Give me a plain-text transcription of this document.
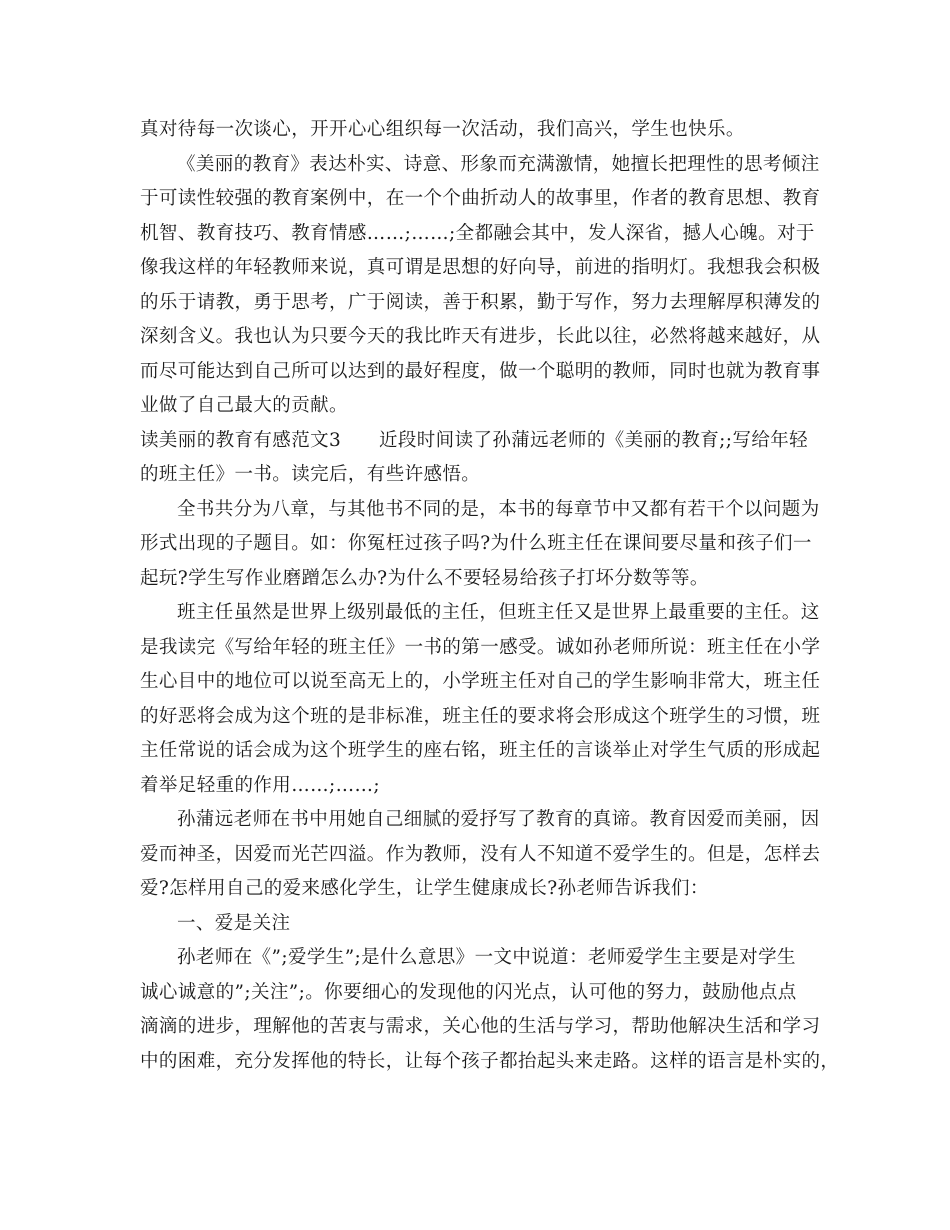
真对待每一次谈心，开开心心组织每一次活动，我们高兴，学生也快乐。
《美丽的教育》表达朴实、诗意、形象而充满激情，她擅长把理性的思考倾注
于可读性较强的教育案例中，在一个个曲折动人的故事里，作者的教育思想、教育
机智、教育技巧、教育情感……;……;全都融会其中，发人深省，撼人心魄。对于
像我这样的年轻教师来说，真可谓是思想的好向导，前进的指明灯。我想我会积极
的乐于请教，勇于思考，广于阅读，善于积累，勤于写作，努力去理解厚积薄发的
深刻含义。我也认为只要今天的我比昨天有进步，长此以往，必然将越来越好，从
而尽可能达到自己所可以达到的最好程度，做一个聪明的教师，同时也就为教育事
业做了自己最大的贡献。
读美丽的教育有感范文3　　近段时间读了孙蒲远老师的《美丽的教育;;写给年轻
的班主任》一书。读完后，有些许感悟。
全书共分为八章，与其他书不同的是，本书的每章节中又都有若干个以问题为
形式出现的子题目。如：你冤枉过孩子吗?为什么班主任在课间要尽量和孩子们一
起玩?学生写作业磨蹭怎么办?为什么不要轻易给孩子打坏分数等等。
班主任虽然是世界上级别最低的主任，但班主任又是世界上最重要的主任。这
是我读完《写给年轻的班主任》一书的第一感受。诚如孙老师所说：班主任在小学
生心目中的地位可以说至高无上的，小学班主任对自己的学生影响非常大，班主任
的好恶将会成为这个班的是非标准，班主任的要求将会形成这个班学生的习惯，班
主任常说的话会成为这个班学生的座右铭，班主任的言谈举止对学生气质的形成起
着举足轻重的作用……;……;
孙蒲远老师在书中用她自己细腻的爱抒写了教育的真谛。教育因爱而美丽，因
爱而神圣，因爱而光芒四溢。作为教师，没有人不知道不爱学生的。但是，怎样去
爱?怎样用自己的爱来感化学生，让学生健康成长?孙老师告诉我们：
一、爱是关注
孙老师在《”;爱学生”;是什么意思》一文中说道：老师爱学生主要是对学生
诚心诚意的”;关注”;。你要细心的发现他的闪光点，认可他的努力，鼓励他点点
滴滴的进步，理解他的苦衷与需求，关心他的生活与学习，帮助他解决生活和学习
中的困难，充分发挥他的特长，让每个孩子都抬起头来走路。这样的语言是朴实的，
